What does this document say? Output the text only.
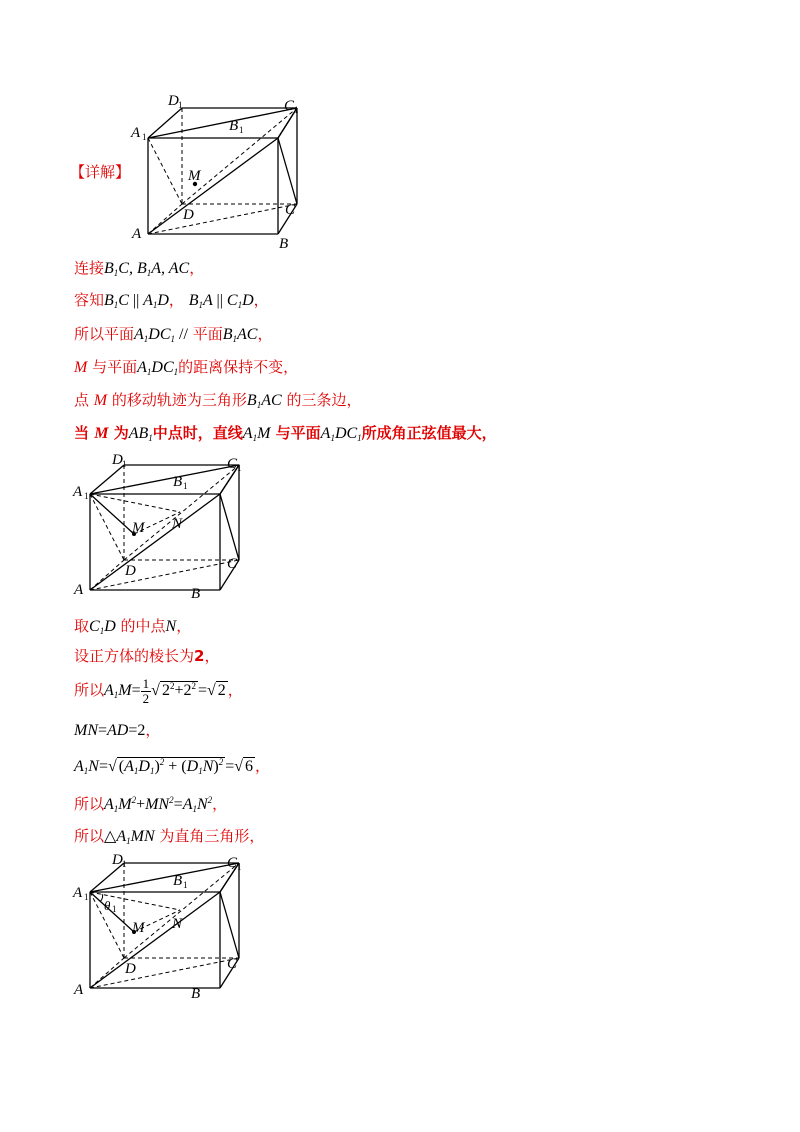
A
B
C
D
A 1
B 1
C 1
D 1
M
【详解】
连接$B_1C$, $B_1A$, AC，
容知$B_1C$ || $A_1D$， $B_1A$ || $C_1D$，
所以平面$A_1DC_1$ // 平面$B_1AC$，
M 与平面$A_1DC_1$的距离保持不变，
点 M 的移动轨迹为三角形$B_1AC$ 的三条边，
当 M 为$AB_1$中点时，直线$A_1M$ 与平面$A_1DC_1$所成角正弦值最大，
A	B
C
D
A 1
B 1
C 1
D 1
M N
取$C_1D$ 的中点N，
设正方体的棱长为2，
所以$A_1M= \frac{1}{2}$ √ $2^2+2^2$ =√ 2 ，
MN=AD=2，
$A_1N=√$ $(A_1D_1)^2 + (D_1N)^2$ =√ 6 ，
所以$A_1M^2+MN^2=A_1N^2$，
所以$\triangle A_1MN$ 为直角三角形，
A	B
C
D
A 1
B 1
C 1
D 1
θ 1
M N
